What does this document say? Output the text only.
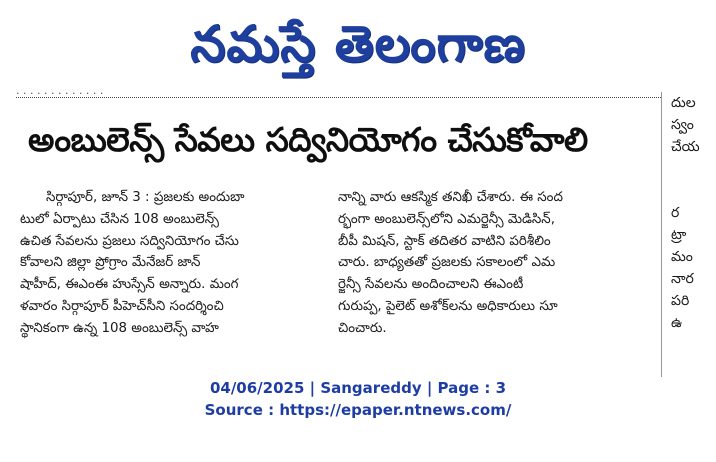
నమస్తే తెలంగాణ
· · · · · · · · · · · · ·
అంబులెన్స్ సేవలు సద్వినియోగం చేసుకోవాలి
సిర్గాపూర్, జూన్ 3 : ప్రజలకు అందుబా
టులో ఏర్పాటు చేసిన 108 అంబులెన్స్
ఉచిత సేవలను ప్రజలు సద్వినియోగం చేసు
కోవాలని జిల్లా ప్రోగ్రాం మేనేజర్ జాన్
షాహీద్, ఈఎంఈ హుస్సేన్ అన్నారు. మంగ
ళవారం సిర్గాపూర్ పీహెచ్‌సీని సందర్శించి
స్థానికంగా ఉన్న 108 అంబులెన్స్ వాహ
నాన్ని వారు ఆకస్మిక తనిఖీ చేశారు. ఈ సంద
ర్భంగా అంబులెన్స్‌లోని ఎమర్జెన్సీ మెడిసిన్,
బీపీ మిషన్, స్టాక్ తదితర వాటిని పరిశీలిం
చారు. బాధ్యతతో ప్రజలకు సకాలంలో ఎమ
ర్జెన్సీ సేవలను అందించాలని ఈఎంటీ
గురుప్ప, పైలెట్ అశోక్‌లను అధికారులు సూ
చించారు.
దుల
స్వం
చేయ

ర
ట్రా
మం
నార
పరి
ఉ
04/06/2025 | Sangareddy | Page : 3
Source : https://epaper.ntnews.com/
